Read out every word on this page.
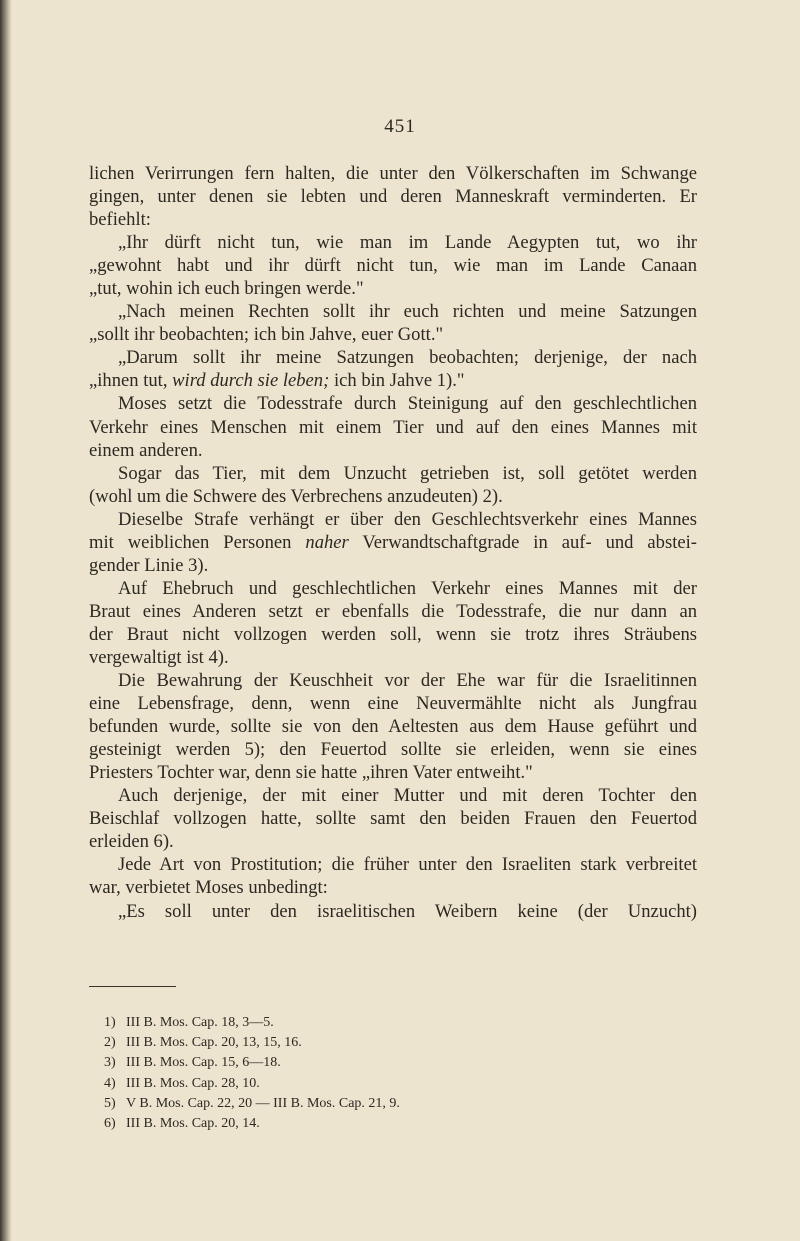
451
lichen Verirrungen fern halten, die unter den Völkerschaften im Schwange
gingen, unter denen sie lebten und deren Manneskraft verminderten. Er
befiehlt:
„Ihr dürft nicht tun, wie man im Lande Aegypten tut, wo ihr
„gewohnt habt und ihr dürft nicht tun, wie man im Lande Canaan
„tut, wohin ich euch bringen werde."
„Nach meinen Rechten sollt ihr euch richten und meine Satzungen
„sollt ihr beobachten; ich bin Jahve, euer Gott."
„Darum sollt ihr meine Satzungen beobachten; derjenige, der nach
„ihnen tut, wird durch sie leben; ich bin Jahve 1)."
Moses setzt die Todesstrafe durch Steinigung auf den geschlechtlichen
Verkehr eines Menschen mit einem Tier und auf den eines Mannes mit
einem anderen.
Sogar das Tier, mit dem Unzucht getrieben ist, soll getötet werden
(wohl um die Schwere des Verbrechens anzudeuten) 2).
Dieselbe Strafe verhängt er über den Geschlechtsverkehr eines Mannes
mit weiblichen Personen naher Verwandtschaftgrade in auf- und abstei-
gender Linie 3).
Auf Ehebruch und geschlechtlichen Verkehr eines Mannes mit der
Braut eines Anderen setzt er ebenfalls die Todesstrafe, die nur dann an
der Braut nicht vollzogen werden soll, wenn sie trotz ihres Sträubens
vergewaltigt ist 4).
Die Bewahrung der Keuschheit vor der Ehe war für die Israelitinnen
eine Lebensfrage, denn, wenn eine Neuvermählte nicht als Jungfrau
befunden wurde, sollte sie von den Aeltesten aus dem Hause geführt und
gesteinigt werden 5); den Feuertod sollte sie erleiden, wenn sie eines
Priesters Tochter war, denn sie hatte „ihren Vater entweiht."
Auch derjenige, der mit einer Mutter und mit deren Tochter den
Beischlaf vollzogen hatte, sollte samt den beiden Frauen den Feuertod
erleiden 6).
Jede Art von Prostitution; die früher unter den Israeliten stark verbreitet
war, verbietet Moses unbedingt:
„Es soll unter den israelitischen Weibern keine (der Unzucht)
1) III B. Mos. Cap. 18, 3—5.
2) III B. Mos. Cap. 20, 13, 15, 16.
3) III B. Mos. Cap. 15, 6—18.
4) III B. Mos. Cap. 28, 10.
5) V B. Mos. Cap. 22, 20 — III B. Mos. Cap. 21, 9.
6) III B. Mos. Cap. 20, 14.
